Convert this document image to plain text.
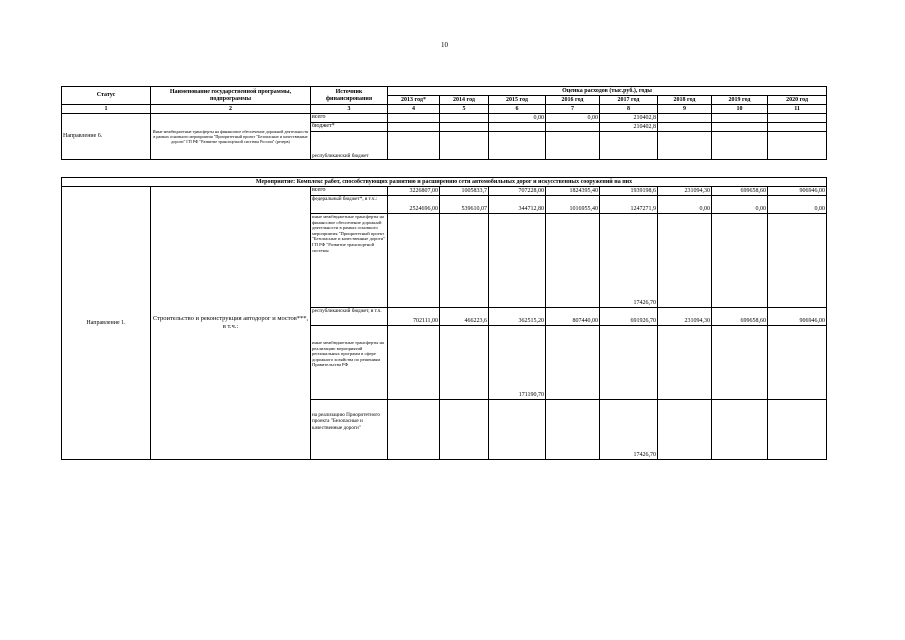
10
Статус	Наименование государственной программы, подпрограммы	Источник финансирования	Оценка расходов (тыс.руб.), годы							
			2013 год*	2014 год	2015 год	2016 год	2017 год	2018 год	2019 год	2020 год
1	2	3	4	5	6	7	8	9	10	11
Направление 6.	Иные межбюджетные трансферты на финансовое обеспечение дорожной деятельности в рамках основного мероприятия "Приоритетный проект "Безопасные и качественные дороги" ГП РФ "Развитие транспортной системы России" (резерв)	всего			0,00	0,00	210402,8			
		бюджет*					210402,8			
		республиканский бюджет								
Мероприятие: Комплекс работ, способствующих развитию и расширению сети автомобильных дорог и искусственных сооружений на них										
Направление 1.	Строительство и реконструкция автодорог и мостов***, в т.ч.:	всего	3226807,00	1005833,7	707228,00	1824395,40	1939198,6	231094,30	699658,60	906946,00
		федеральный бюджет*, в т.ч.:	2524696,00	539610,07	344712,80	1016955,40	1247271,9	0,00	0,00	0,00
		иные межбюджетные трансферты на финансовое обеспечение дорожной деятельности в рамках основного мероприятия "Приоритетный проект "Безопасные и качественные дороги" ГП РФ "Развитие транспортной системы					17426,70			
		республиканский бюджет, в т.ч.	702111,00	466223,6	362515,20	807440,00	691926,70	231094,30	699658,60	906946,00
		иные межбюджетные трансферты на реализацию мероприятий региональных программ в сфере дорожного хозяйства по решениям Правительства РФ			171190,70					
		на реализацию Приоритетного проекта "Безопасные и качественные дороги"					17426,70			
